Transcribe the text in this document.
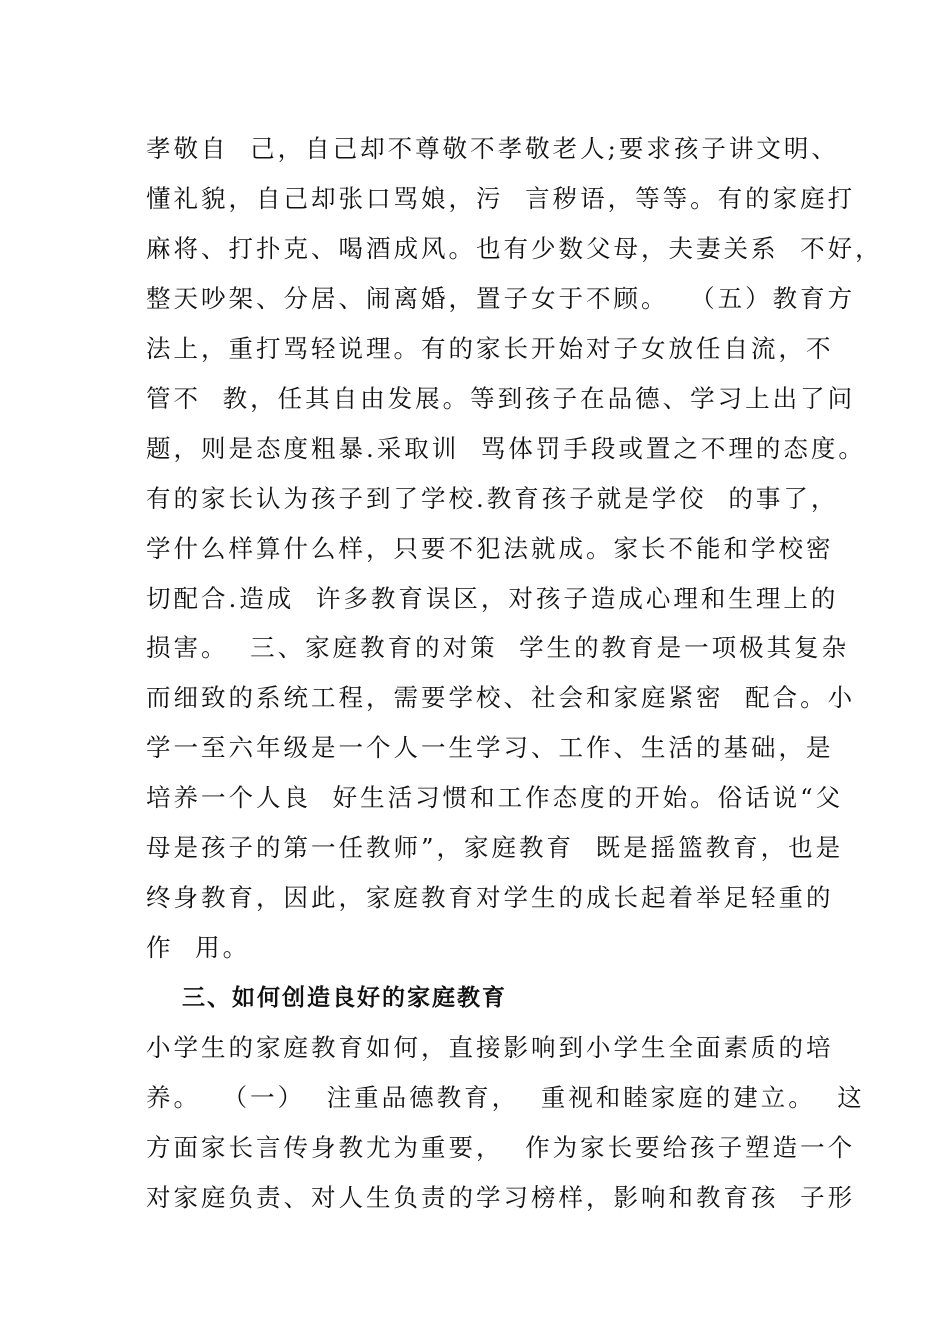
孝敬自  己，自己却不尊敬不孝敬老人;要求孩子讲文明、
懂礼貌，自己却张口骂娘，污  言秽语，等等。有的家庭打
麻将、打扑克、喝酒成风。也有少数父母，夫妻关系  不好，
整天吵架、分居、闹离婚，置子女于不顾。  （五）教育方
法上，重打骂轻说理。有的家长开始对子女放任自流，不
管不  教，任其自由发展。等到孩子在品德、学习上出了问
题，则是态度粗暴.采取训  骂体罚手段或置之不理的态度。
有的家长认为孩子到了学校.教育孩子就是学佼  的事了，
学什么样算什么样，只要不犯法就成。家长不能和学校密
切配合.造成  许多教育误区，对孩子造成心理和生理上的
损害。  三、家庭教育的对策  学生的教育是一项极其复杂
而细致的系统工程，需要学校、社会和家庭紧密  配合。小
学一至六年级是一个人一生学习、工作、生活的基础，是
培养一个人良  好生活习惯和工作态度的开始。俗话说“父
母是孩子的第一任教师”，家庭教育  既是摇篮教育，也是
终身教育，因此，家庭教育对学生的成长起着举足轻重的
作  用。
三、如何创造良好的家庭教育
小学生的家庭教育如何，直接影响到小学生全面素质的培
养。  （一）  注重品德教育，  重视和睦家庭的建立。  这
方面家长言传身教尤为重要，  作为家长要给孩子塑造一个
对家庭负责、对人生负责的学习榜样，影响和教育孩  子形
